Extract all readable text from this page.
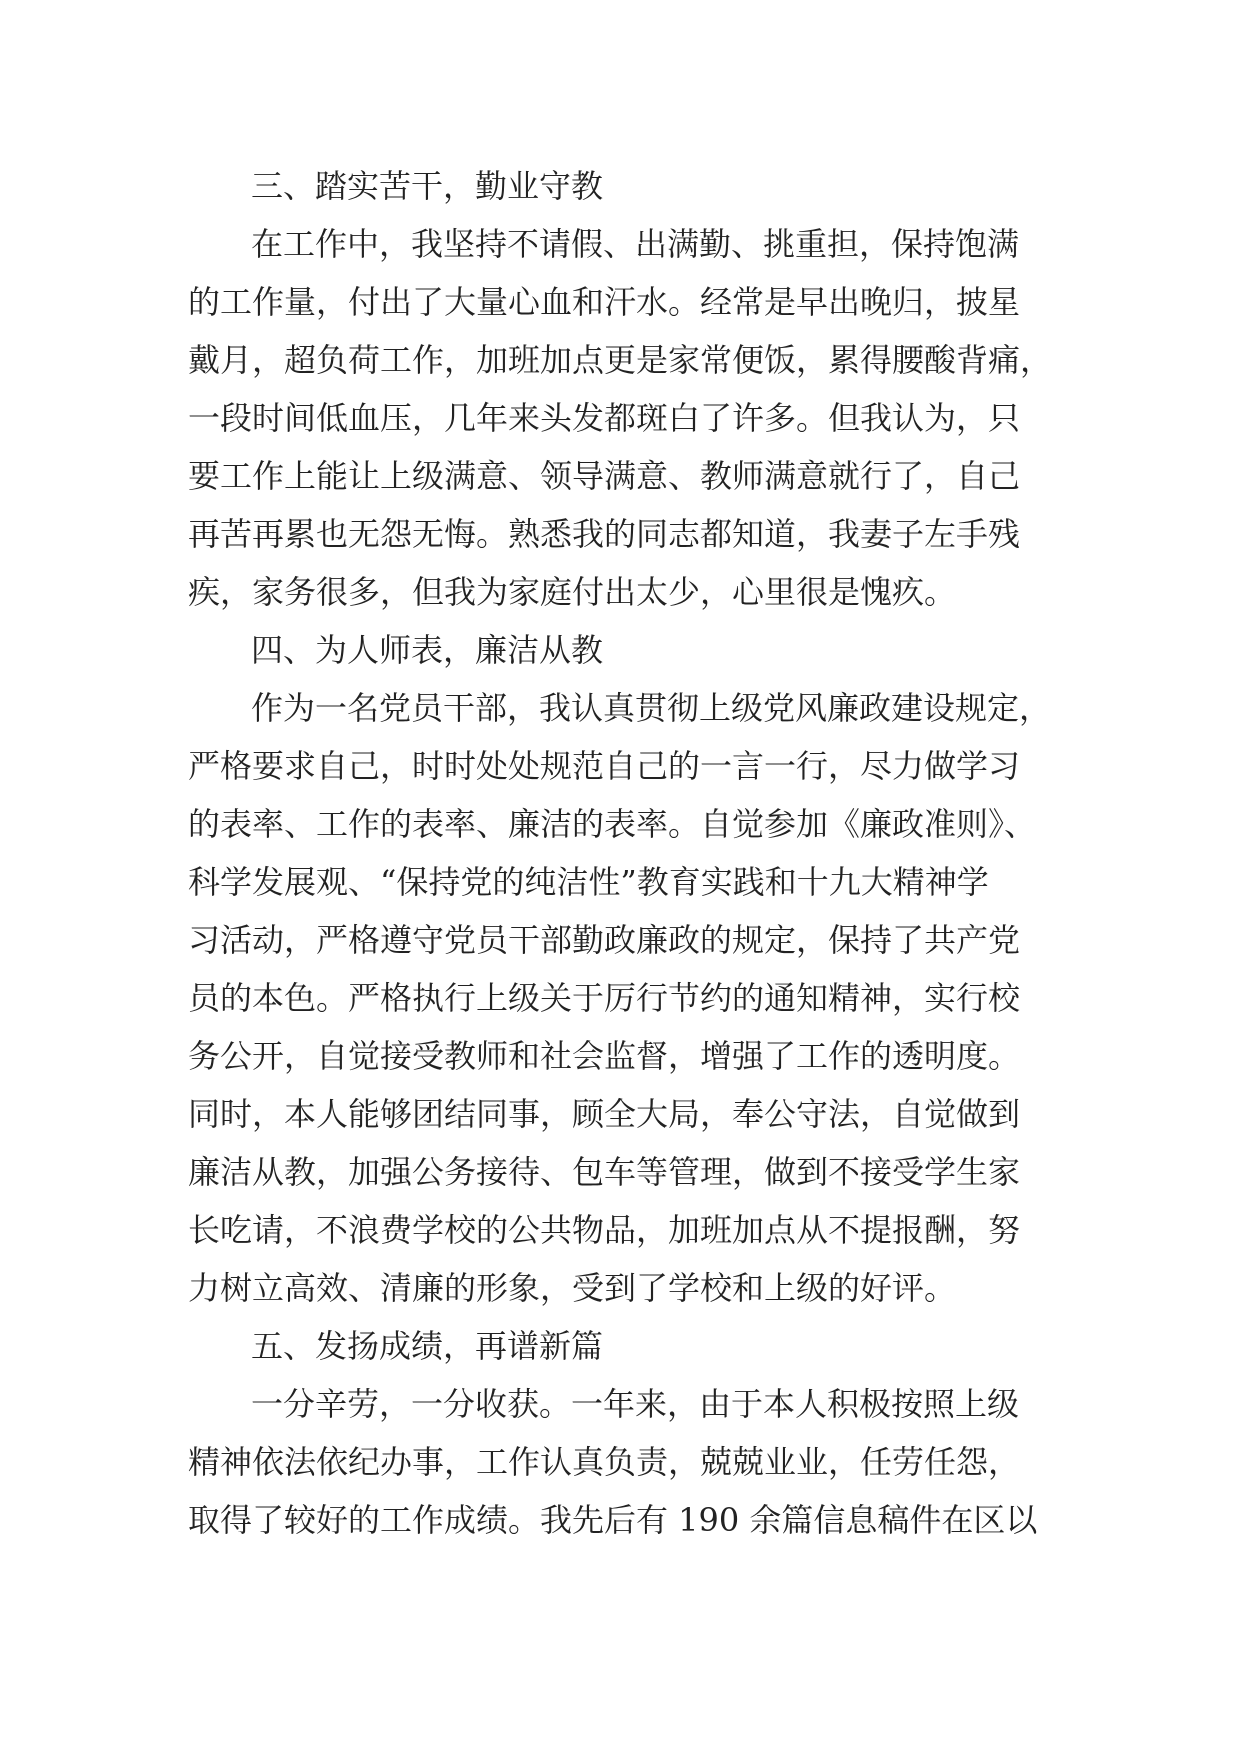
三、踏实苦干，勤业守教
在工作中，我坚持不请假、出满勤、挑重担，保持饱满
的工作量，付出了大量心血和汗水。经常是早出晚归，披星
戴月，超负荷工作，加班加点更是家常便饭，累得腰酸背痛，
一段时间低血压，几年来头发都斑白了许多。但我认为，只
要工作上能让上级满意、领导满意、教师满意就行了，自己
再苦再累也无怨无悔。熟悉我的同志都知道，我妻子左手残
疾，家务很多，但我为家庭付出太少，心里很是愧疚。
四、为人师表，廉洁从教
作为一名党员干部，我认真贯彻上级党风廉政建设规定，
严格要求自己，时时处处规范自己的一言一行，尽力做学习
的表率、工作的表率、廉洁的表率。自觉参加《廉政准则》、
科学发展观、“保持党的纯洁性”教育实践和十九大精神学
习活动，严格遵守党员干部勤政廉政的规定，保持了共产党
员的本色。严格执行上级关于厉行节约的通知精神，实行校
务公开，自觉接受教师和社会监督，增强了工作的透明度。
同时，本人能够团结同事，顾全大局，奉公守法，自觉做到
廉洁从教，加强公务接待、包车等管理，做到不接受学生家
长吃请，不浪费学校的公共物品，加班加点从不提报酬，努
力树立高效、清廉的形象，受到了学校和上级的好评。
五、发扬成绩，再谱新篇
一分辛劳，一分收获。一年来，由于本人积极按照上级
精神依法依纪办事，工作认真负责，兢兢业业，任劳任怨，
取得了较好的工作成绩。我先后有 190 余篇信息稿件在区以
